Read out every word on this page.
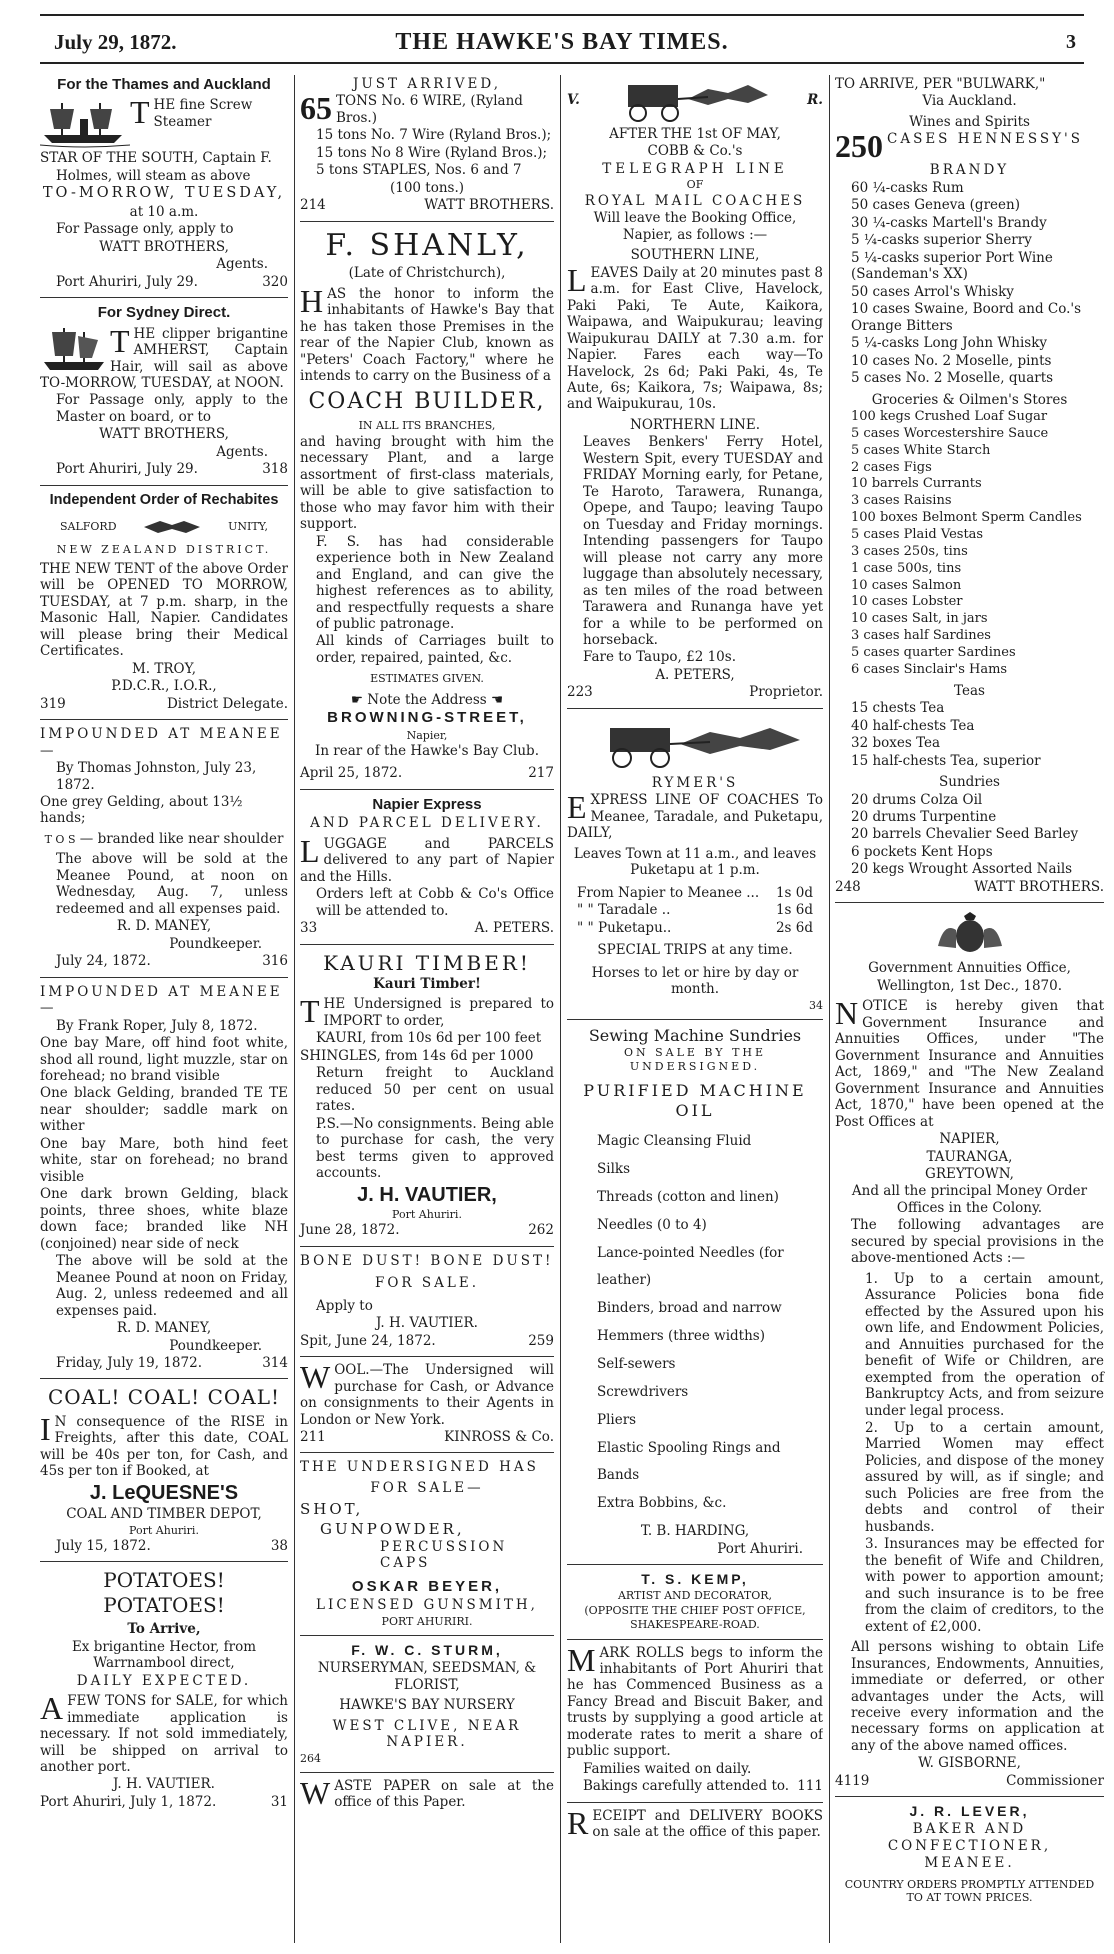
July 29, 1872.	THE HAWKE'S BAY TIMES.	3

For the Thames and Auckland

T HE fine Screw Steamer

STAR OF THE SOUTH, Captain F.

Holmes, will steam as above

TO-MORROW, TUESDAY,

at 10 a.m.

For Passage only, apply to

WATT BROTHERS,

Agents.

Port Ahuriri, July 29.	320

For Sydney Direct.

T HE clipper brigantine AMHERST, Captain Hair, will sail as above TO-MORROW, TUESDAY, at NOON.

For Passage only, apply to the Master on board, or to

WATT BROTHERS,

Agents.

Port Ahuriri, July 29.	318

Independent Order of Rechabites

SALFORD	UNITY,

NEW ZEALAND DISTRICT.

THE NEW TENT of the above Order will be OPENED TO MORROW, TUESDAY, at 7 p.m. sharp, in the Masonic Hall, Napier. Candidates will please bring their Medical Certificates.

M. TROY,

P.D.C.R., I.O.R.,

319	District Delegate.

IMPOUNDED AT MEANEE—

By Thomas Johnston, July 23, 1872.

One grey Gelding, about 13½ hands;

T O S — branded like near shoulder

The above will be sold at the Meanee Pound, at noon on Wednesday, Aug. 7, unless redeemed and all expenses paid.

R. D. MANEY,

Poundkeeper.

July 24, 1872.	316

IMPOUNDED AT MEANEE—

By Frank Roper, July 8, 1872.

One bay Mare, off hind foot white, shod all round, light muzzle, star on forehead; no brand visible

One black Gelding, branded TE TE near shoulder; saddle mark on wither

One bay Mare, both hind feet white, star on forehead; no brand visible

One dark brown Gelding, black points, three shoes, white blaze down face; branded like NH (conjoined) near side of neck

The above will be sold at the Meanee Pound at noon on Friday, Aug. 2, unless redeemed and all expenses paid.

R. D. MANEY,

Poundkeeper.

Friday, July 19, 1872.	314

COAL! COAL! COAL!

I N consequence of the RISE in Freights, after this date, COAL will be 40s per ton, for Cash, and 45s per ton if Booked, at

J. LeQUESNE'S

COAL AND TIMBER DEPOT,

Port Ahuriri.

July 15, 1872.	38

POTATOES! POTATOES!

To Arrive,

Ex brigantine Hector, from Warrnambool direct,

DAILY EXPECTED.

AFEW TONS for SALE, for which immediate application is necessary. If not sold immediately, will be shipped on arrival to another port.

J. H. VAUTIER.

Port Ahuriri, July 1, 1872.	31

JUST ARRIVED,

65 TONS No. 6 WIRE, (Ryland Bros.)

15 tons No. 7 Wire (Ryland Bros.);

15 tons No 8 Wire (Ryland Bros.);

5 tons STAPLES, Nos. 6 and 7

(100 tons.)

214	WATT BROTHERS.

F. SHANLY,

(Late of Christchurch),

HAS the honor to inform the inhabitants of Hawke's Bay that he has taken those Premises in the rear of the Napier Club, known as "Peters' Coach Factory," where he intends to carry on the Business of a

COACH BUILDER,

IN ALL ITS BRANCHES,

and having brought with him the necessary Plant, and a large assortment of first-class materials, will be able to give satisfaction to those who may favor him with their support.

F. S. has had considerable experience both in New Zealand and England, and can give the highest references as to ability, and respectfully requests a share of public patronage.

All kinds of Carriages built to order, repaired, painted, &c.

ESTIMATES GIVEN.

☛ Note the Address ☚

BROWNING-STREET,

Napier,

In rear of the Hawke's Bay Club.

April 25, 1872.	217

Napier Express

AND PARCEL DELIVERY.

LUGGAGE and PARCELS delivered to any part of Napier and the Hills.

Orders left at Cobb & Co's Office will be attended to.

33	A. PETERS.

KAURI TIMBER!

Kauri Timber!

THE Undersigned is prepared to IMPORT to order,

KAURI, from 10s 6d per 100 feet

SHINGLES, from 14s 6d per 1000

Return freight to Auckland reduced 50 per cent on usual rates.

P.S.—No consignments. Being able to purchase for cash, the very best terms given to approved accounts.

J. H. VAUTIER,

Port Ahuriri.

June 28, 1872.	262

BONE DUST! BONE DUST!

FOR SALE.

Apply to

J. H. VAUTIER.

Spit, June 24, 1872.	259

WOOL.—The Undersigned will purchase for Cash, or Advance on consignments to their Agents in London or New York.

211	KINROSS & Co.

THE UNDERSIGNED HAS

FOR SALE—

SHOT,

GUNPOWDER,

PERCUSSION CAPS

OSKAR BEYER,

LICENSED GUNSMITH,

PORT AHURIRI.

F. W. C. STURM,

NURSERYMAN, SEEDSMAN, & FLORIST,

HAWKE'S BAY NURSERY

WEST CLIVE, NEAR NAPIER.

264

WASTE PAPER on sale at the office of this Paper.
V.	R.

AFTER THE 1st OF MAY,

COBB & Co.'s

TELEGRAPH LINE

OF

ROYAL MAIL COACHES

Will leave the Booking Office, Napier, as follows :—

SOUTHERN LINE,

LEAVES Daily at 20 minutes past 8 a.m. for East Clive, Havelock, Paki Paki, Te Aute, Kaikora, Waipawa, and Waipukurau; leaving Waipukurau DAILY at 7.30 a.m. for Napier. Fares each way—To Havelock, 2s 6d; Paki Paki, 4s, Te Aute, 6s; Kaikora, 7s; Waipawa, 8s; and Waipukurau, 10s.

NORTHERN LINE.

Leaves Benkers' Ferry Hotel, Western Spit, every TUESDAY and FRIDAY Morning early, for Petane, Te Haroto, Tarawera, Runanga, Opepe, and Taupo; leaving Taupo on Tuesday and Friday mornings. Intending passengers for Taupo will please not carry any more luggage than absolutely necessary, as ten miles of the road between Tarawera and Runanga have yet for a while to be performed on horseback.

Fare to Taupo, £2 10s.

A. PETERS,

223	Proprietor.

RYMER'S

EXPRESS LINE OF COACHES To Meanee, Taradale, and Puketapu, DAILY,

Leaves Town at 11 a.m., and leaves Puketapu at 1 p.m.

From Napier to Meanee ... 1s 0d

" " Taradale ..	1s 6d

" " Puketapu..	2s 6d

SPECIAL TRIPS at any time.

Horses to let or hire by day or month.

34

Sewing Machine Sundries

ON SALE BY THE UNDERSIGNED.

PURIFIED MACHINE OIL

Magic Cleansing Fluid

Silks

Threads (cotton and linen)

Needles (0 to 4)

Lance-pointed Needles (for leather)

Binders, broad and narrow

Hemmers (three widths)

Self-sewers

Screwdrivers

Pliers

Elastic Spooling Rings and Bands

Extra Bobbins, &c.

T. B. HARDING,

Port Ahuriri.

T. S. KEMP,

ARTIST AND DECORATOR,

(OPPOSITE THE CHIEF POST OFFICE,

SHAKESPEARE-ROAD.

MARK ROLLS begs to inform the inhabitants of Port Ahuriri that he has Commenced Business as a Fancy Bread and Biscuit Baker, and trusts by supplying a good article at moderate rates to merit a share of public support.

Families waited on daily.

Bakings carefully attended to. 111

RECEIPT and DELIVERY BOOKS on sale at the office of this paper.

TO ARRIVE, PER "BULWARK,"

Via Auckland.

Wines and Spirits

250 CASES HENNESSY'S

BRANDY

60 ¼-casks Rum

50 cases Geneva (green)

30 ¼-casks Martell's Brandy

5 ¼-casks superior Sherry

5 ¼-casks superior Port Wine (Sandeman's XX)

50 cases Arrol's Whisky

10 cases Swaine, Boord and Co.'s Orange Bitters

5 ¼-casks Long John Whisky

10 cases No. 2 Moselle, pints

5 cases No. 2 Moselle, quarts

Groceries & Oilmen's Stores

100 kegs Crushed Loaf Sugar

5 cases Worcestershire Sauce

5 cases White Starch

2 cases Figs

10 barrels Currants

3 cases Raisins

100 boxes Belmont Sperm Candles

5 cases Plaid Vestas

3 cases 250s, tins

1 case 500s, tins

10 cases Salmon

10 cases Lobster

10 cases Salt, in jars

3 cases half Sardines

5 cases quarter Sardines

6 cases Sinclair's Hams

Teas

15 chests Tea

40 half-chests Tea

32 boxes Tea

15 half-chests Tea, superior

Sundries

20 drums Colza Oil

20 drums Turpentine

20 barrels Chevalier Seed Barley

6 pockets Kent Hops

20 kegs Wrought Assorted Nails

248	WATT BROTHERS.

Government Annuities Office,

Wellington, 1st Dec., 1870.

NOTICE is hereby given that Government Insurance and Annuities Offices, under "The Government Insurance and Annuities Act, 1869," and "The New Zealand Government Insurance and Annuities Act, 1870," have been opened at the Post Offices at

NAPIER,

TAURANGA,

GREYTOWN,

And all the principal Money Order Offices in the Colony.

The following advantages are secured by special provisions in the above-mentioned Acts :—

1. Up to a certain amount, Assurance Policies bona fide effected by the Assured upon his own life, and Endowment Policies, and Annuities purchased for the benefit of Wife or Children, are exempted from the operation of Bankruptcy Acts, and from seizure under legal process.

2. Up to a certain amount, Married Women may effect Policies, and dispose of the money assured by will, as if single; and such Policies are free from the debts and control of their husbands.

3. Insurances may be effected for the benefit of Wife and Children, with power to apportion amount; and such insurance is to be free from the claim of creditors, to the extent of £2,000.

All persons wishing to obtain Life Insurances, Endowments, Annuities, immediate or deferred, or other advantages under the Acts, will receive every information and the necessary forms on application at any of the above named offices.

W. GISBORNE,

4119	Commissioner

J. R. LEVER,

BAKER AND CONFECTIONER,

MEANEE.

COUNTRY ORDERS PROMPTLY ATTENDED TO AT TOWN PRICES.
